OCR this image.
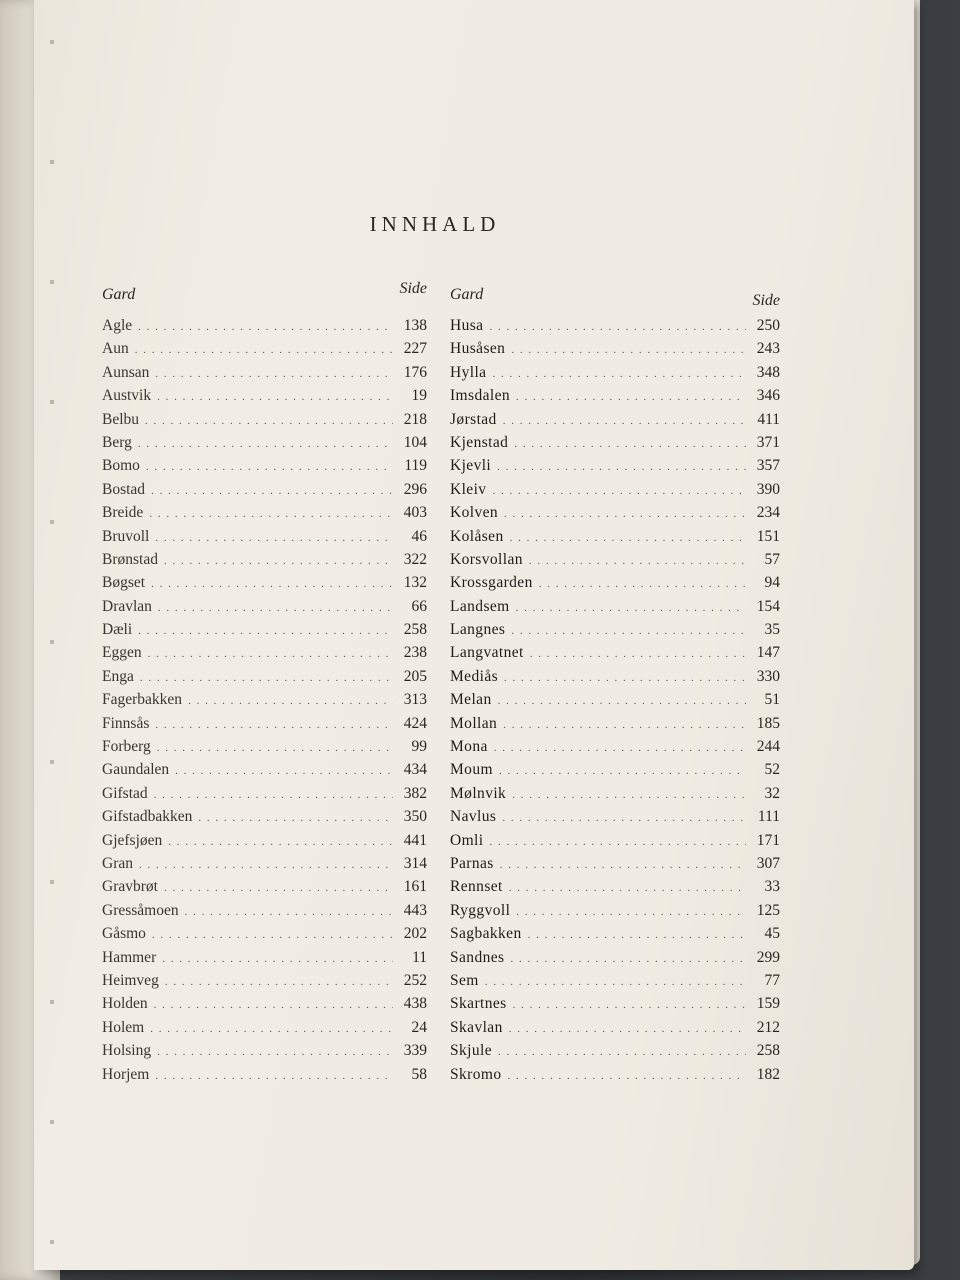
INNHALD
Gard	Side
Agle . . .	138
Aun . . .	227
Aunsan . . .	176
Austvik . . .	19
Belbu . . .	218
Berg . . .	104
Bomo . . .	119
Bostad . . .	296
Breide . . .	403
Bruvoll . . .	46
Brønstad . . .	322
Bøgset . . .	132
Dravlan . . .	66
Dæli . . .	258
Eggen . . .	238
Enga . . .	205
Fagerbakken . . .	313
Finnsås . . .	424
Forberg . . .	99
Gaundalen . . .	434
Gifstad . . .	382
Gifstadbakken . . .	350
Gjefsjøen . . .	441
Gran . . .	314
Gravbrøt . . .	161
Gressåmoen . . .	443
Gåsmo . . .	202
Hammer . . .	11
Heimveg . . .	252
Holden . . .	438
Holem . . .	24
Holsing . . .	339
Horjem . . .	58
Gard	Side
Husa . . .	250
Husåsen . . .	243
Hylla . . .	348
Imsdalen . . .	346
Jørstad . . .	411
Kjenstad . . .	371
Kjevli . . .	357
Kleiv . . .	390
Kolven . . .	234
Kolåsen . . .	151
Korsvollan . . .	57
Krossgarden . . .	94
Landsem . . .	154
Langnes . . .	35
Langvatnet . . .	147
Mediås . . .	330
Melan . . .	51
Mollan . . .	185
Mona . . .	244
Moum . . .	52
Mølnvik . . .	32
Navlus . . .	111
Omli . . .	171
Parnas . . .	307
Rennset . . .	33
Ryggvoll . . .	125
Sagbakken . . .	45
Sandnes . . .	299
Sem . . .	77
Skartnes . . .	159
Skavlan . . .	212
Skjule . . .	258
Skromo . . .	182
